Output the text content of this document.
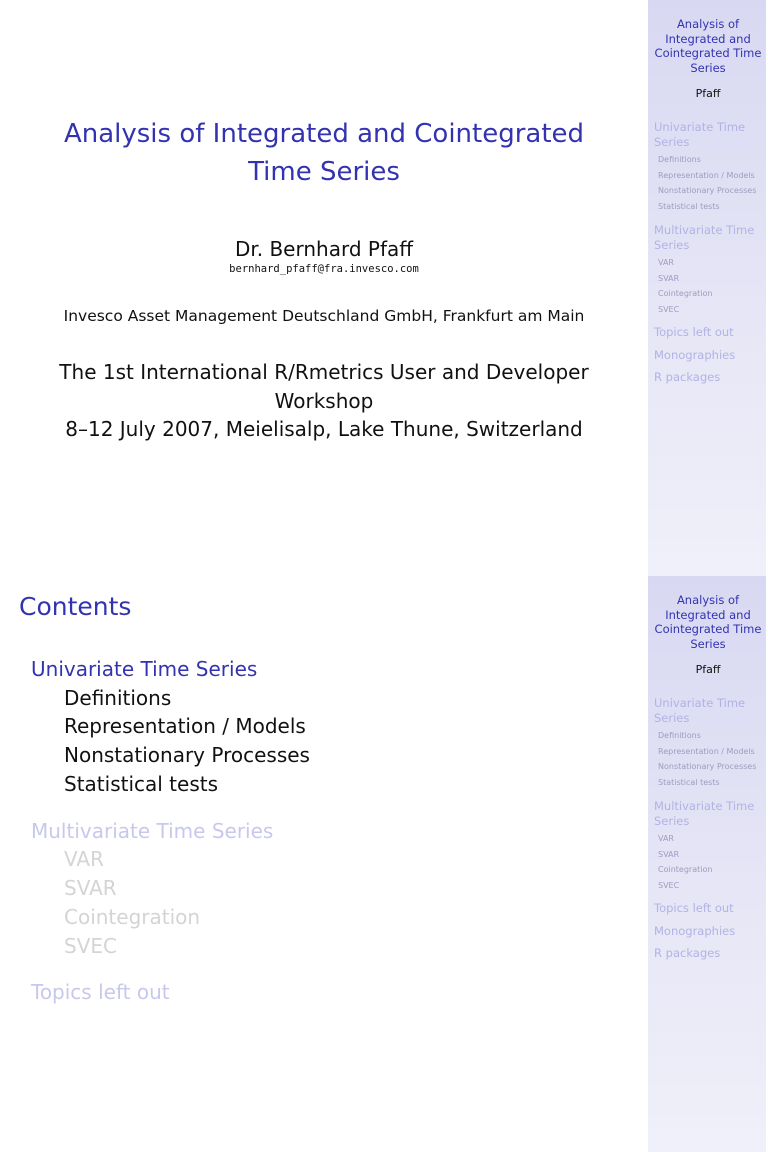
Analysis of Integrated and Cointegrated
Time Series
Dr. Bernhard Pfaff
bernhard_pfaff@fra.invesco.com
Invesco Asset Management Deutschland GmbH, Frankfurt am Main
The 1st International R/Rmetrics User and Developer
Workshop
8–12 July 2007, Meielisalp, Lake Thune, Switzerland
Analysis of Integrated and Cointegrated Time Series
Pfaff
Univariate Time Series
Definitions
Representation / Models
Nonstationary Processes
Statistical tests
Multivariate Time Series
VAR
SVAR
Cointegration
SVEC
Topics left out
Monographies
R packages
Analysis of Integrated and Cointegrated Time Series
Pfaff
Univariate Time Series
Definitions
Representation / Models
Nonstationary Processes
Statistical tests
Multivariate Time Series
VAR
SVAR
Cointegration
SVEC
Topics left out
Monographies
R packages
Contents
Univariate Time Series
Definitions
Representation / Models
Nonstationary Processes
Statistical tests
Multivariate Time Series
VAR
SVAR
Cointegration
SVEC
Topics left out
